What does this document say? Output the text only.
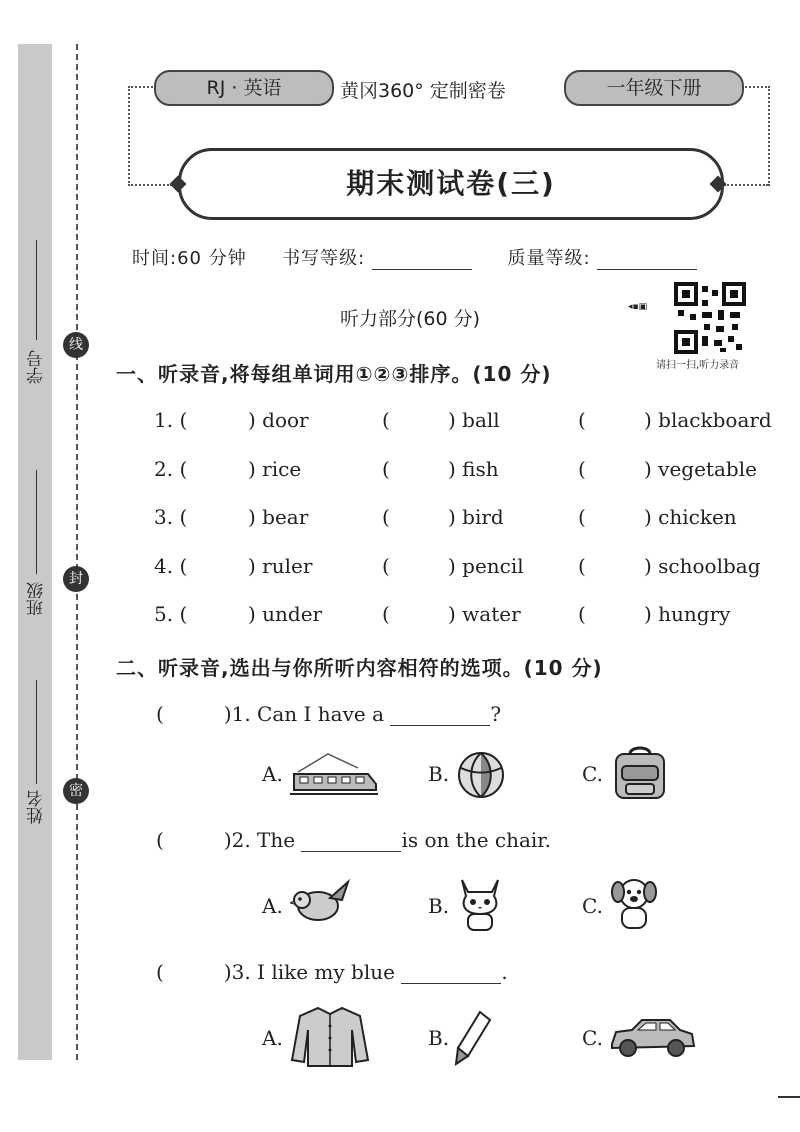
学号
班级
姓名
线
封
密
RJ · 英语	黄冈360° 定制密卷	一年级下册
期末测试卷(三)
时间:60 分钟 书写等级:	质量等级:
听力部分(60 分)
◂▪▣
请扫一扫,听力录音
一、听录音,将每组单词用①②③排序。(10 分)
1. (	) door	(	) ball	(	) blackboard
2. (	) rice	(	) fish	(	) vegetable
3. (	) bear	(	) bird	(	) chicken
4. (	) ruler	(	) pencil	(	) schoolbag
5. (	) under	(	) water	(	) hungry
二、听录音,选出与你所听内容相符的选项。(10 分)
(	)1. Can I have a	?
A.	B.	C.
(	)2. The	is on the chair.
A.	B.	C.
(	)3. I like my blue	.
A.	B.	C.
